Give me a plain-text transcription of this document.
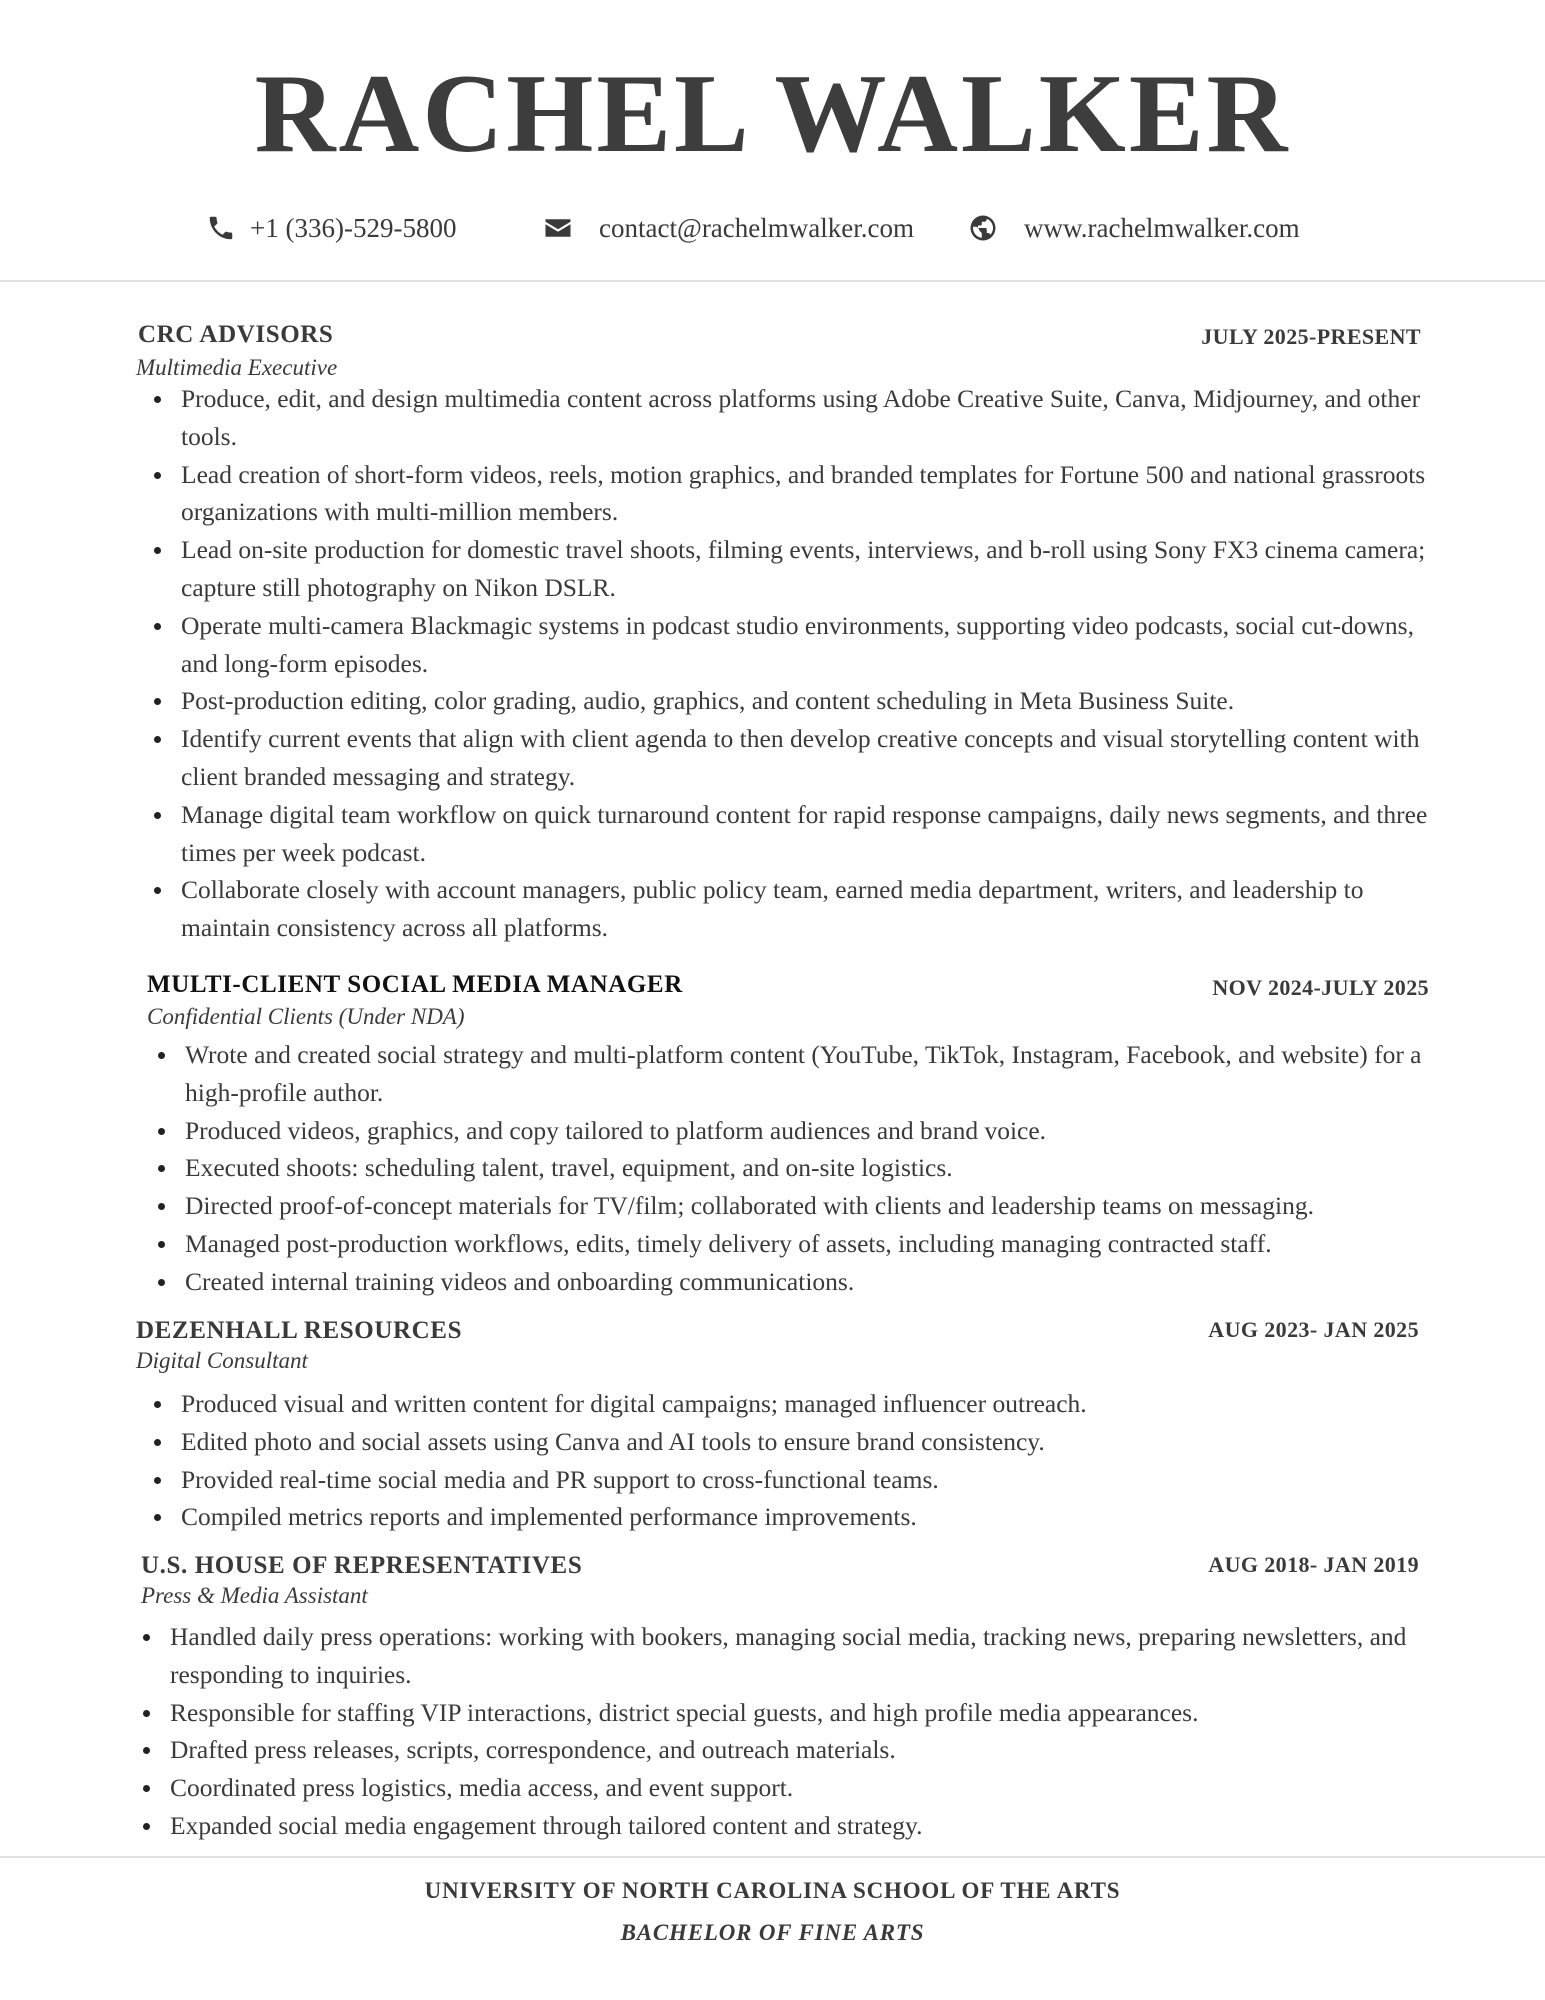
RACHEL WALKER
+1 (336)-529-5800	contact@rachelmwalker.com	www.rachelmwalker.com
CRC ADVISORS	JULY 2025-PRESENT
Multimedia Executive
Produce, edit, and design multimedia content across platforms using Adobe Creative Suite, Canva, Midjourney, and other tools.
Lead creation of short-form videos, reels, motion graphics, and branded templates for Fortune 500 and national grassroots organizations with multi-million members.
Lead on-site production for domestic travel shoots, filming events, interviews, and b-roll using Sony FX3 cinema camera; capture still photography on Nikon DSLR.
Operate multi-camera Blackmagic systems in podcast studio environments, supporting video podcasts, social cut-downs, and long-form episodes.
Post-production editing, color grading, audio, graphics, and content scheduling in Meta Business Suite.
Identify current events that align with client agenda to then develop creative concepts and visual storytelling content with client branded messaging and strategy.
Manage digital team workflow on quick turnaround content for rapid response campaigns, daily news segments, and three times per week podcast.
Collaborate closely with account managers, public policy team, earned media department, writers, and leadership to maintain consistency across all platforms.
MULTI-CLIENT SOCIAL MEDIA MANAGER	NOV 2024-JULY 2025
Confidential Clients (Under NDA)
Wrote and created social strategy and multi-platform content (YouTube, TikTok, Instagram, Facebook, and website) for a high-profile author.
Produced videos, graphics, and copy tailored to platform audiences and brand voice.
Executed shoots: scheduling talent, travel, equipment, and on-site logistics.
Directed proof-of-concept materials for TV/film; collaborated with clients and leadership teams on messaging.
Managed post-production workflows, edits, timely delivery of assets, including managing contracted staff.
Created internal training videos and onboarding communications.
DEZENHALL RESOURCES	AUG 2023- JAN 2025
Digital Consultant
Produced visual and written content for digital campaigns; managed influencer outreach.
Edited photo and social assets using Canva and AI tools to ensure brand consistency.
Provided real-time social media and PR support to cross-functional teams.
Compiled metrics reports and implemented performance improvements.
U.S. HOUSE OF REPRESENTATIVES	AUG 2018- JAN 2019
Press & Media Assistant
Handled daily press operations: working with bookers, managing social media, tracking news, preparing newsletters, and responding to inquiries.
Responsible for staffing VIP interactions, district special guests, and high profile media appearances.
Drafted press releases, scripts, correspondence, and outreach materials.
Coordinated press logistics, media access, and event support.
Expanded social media engagement through tailored content and strategy.
UNIVERSITY OF NORTH CAROLINA SCHOOL OF THE ARTS
BACHELOR OF FINE ARTS
